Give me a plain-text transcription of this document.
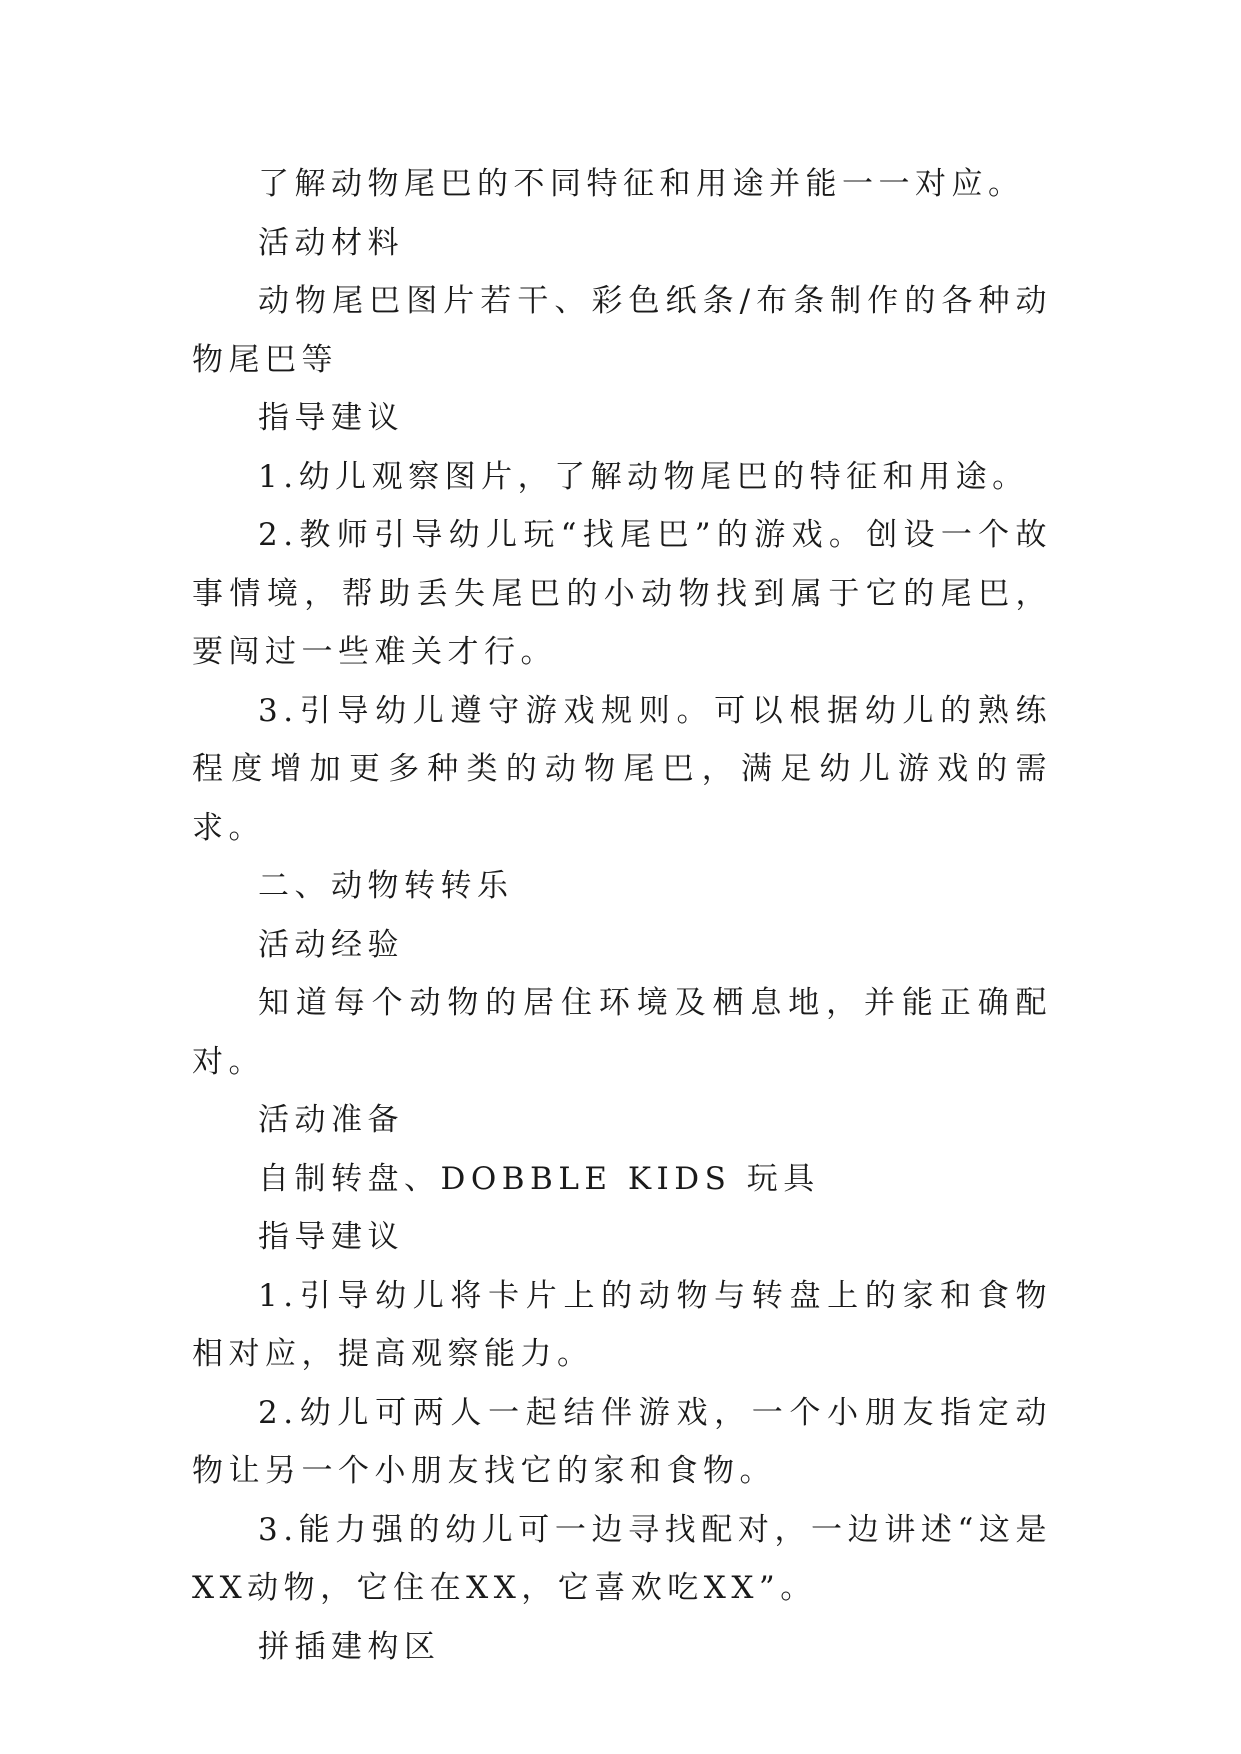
了解动物尾巴的不同特征和用途并能一一对应。

活动材料

动物尾巴图片若干、彩色纸条/布条制作的各种动物尾巴等

指导建议

1.幼儿观察图片，了解动物尾巴的特征和用途。

2.教师引导幼儿玩“找尾巴”的游戏。创设一个故事情境，帮助丢失尾巴的小动物找到属于它的尾巴，要闯过一些难关才行。

3.引导幼儿遵守游戏规则。可以根据幼儿的熟练程度增加更多种类的动物尾巴，满足幼儿游戏的需求。

二、动物转转乐

活动经验

知道每个动物的居住环境及栖息地，并能正确配对。

活动准备

自制转盘、DOBBLE KIDS 玩具

指导建议

1.引导幼儿将卡片上的动物与转盘上的家和食物相对应，提高观察能力。

2.幼儿可两人一起结伴游戏，一个小朋友指定动物让另一个小朋友找它的家和食物。

3.能力强的幼儿可一边寻找配对，一边讲述“这是XX动物，它住在XX，它喜欢吃XX”。

拼插建构区
